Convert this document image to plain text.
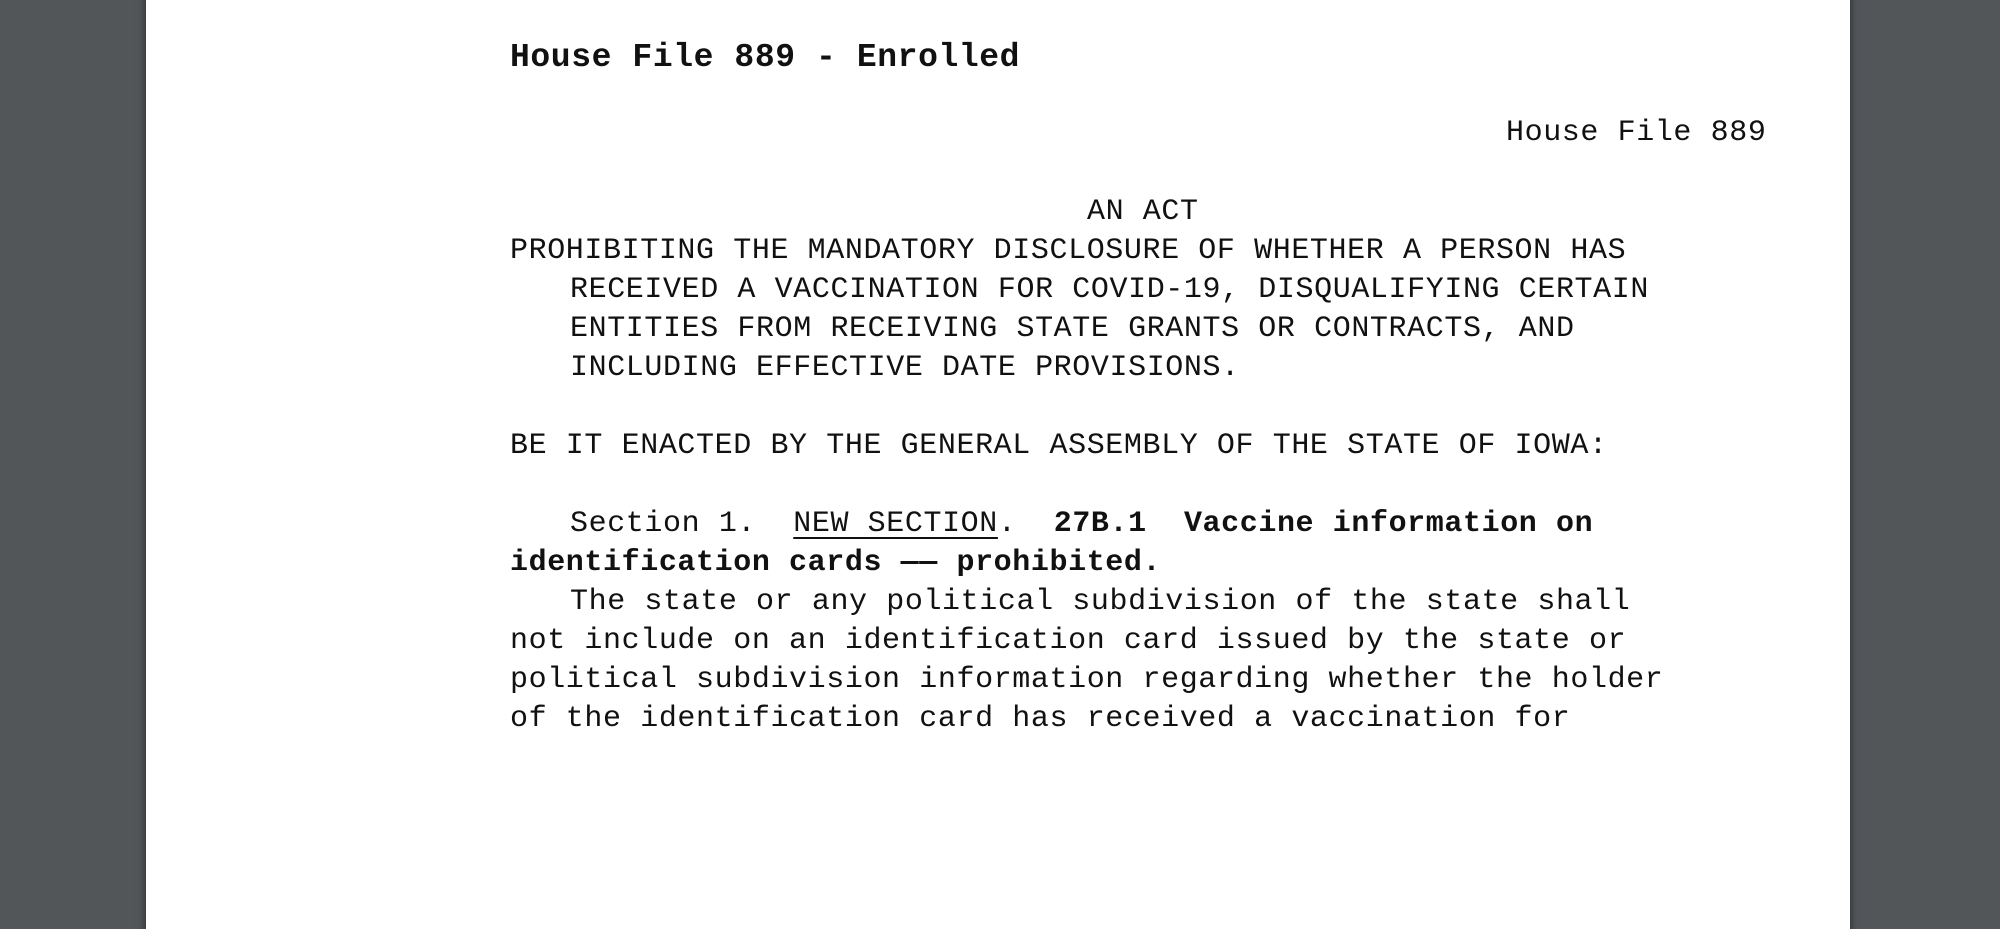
House File 889 - Enrolled
House File 889
AN ACT
PROHIBITING THE MANDATORY DISCLOSURE OF WHETHER A PERSON HAS
RECEIVED A VACCINATION FOR COVID-19, DISQUALIFYING CERTAIN
ENTITIES FROM RECEIVING STATE GRANTS OR CONTRACTS, AND
INCLUDING EFFECTIVE DATE PROVISIONS.
BE IT ENACTED BY THE GENERAL ASSEMBLY OF THE STATE OF IOWA:
Section 1. NEW SECTION. 27B.1  Vaccine information on
identification cards —— prohibited.
The state or any political subdivision of the state shall
not include on an identification card issued by the state or
political subdivision information regarding whether the holder
of the identification card has received a vaccination for
